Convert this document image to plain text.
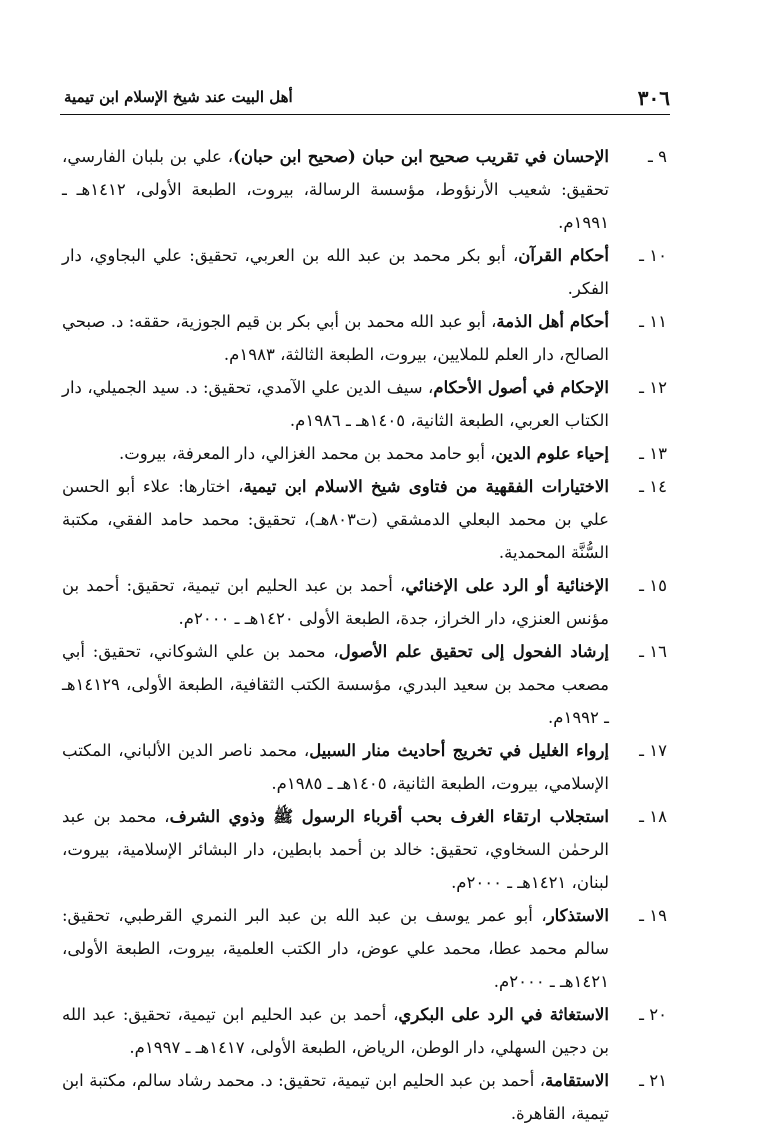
٣٠٦
أهل البيت عند شيخ الإسلام ابن تيمية
٩ ـ
الإحسان في تقريب صحيح ابن حبان (صحيح ابن حبان)، علي بن بلبان الفارسي، تحقيق: شعيب الأرنؤوط، مؤسسة الرسالة، بيروت، الطبعة الأولى، ١٤١٢هـ ـ ١٩٩١م.
١٠ ـ
أحكام القرآن، أبو بكر محمد بن عبد الله بن العربي، تحقيق: علي البجاوي، دار الفكر.
١١ ـ
أحكام أهل الذمة، أبو عبد الله محمد بن أبي بكر بن قيم الجوزية، حققه: د. صبحي الصالح، دار العلم للملايين، بيروت، الطبعة الثالثة، ١٩٨٣م.
١٢ ـ
الإحكام في أصول الأحكام، سيف الدين علي الآمدي، تحقيق: د. سيد الجميلي، دار الكتاب العربي، الطبعة الثانية، ١٤٠٥هـ ـ ١٩٨٦م.
١٣ ـ
إحياء علوم الدين، أبو حامد محمد بن محمد الغزالي، دار المعرفة، بيروت.
١٤ ـ
الاختيارات الفقهية من فتاوى شيخ الاسلام ابن تيمية، اختارها: علاء أبو الحسن علي بن محمد البعلي الدمشقي (ت٨٠٣هـ)، تحقيق: محمد حامد الفقي، مكتبة السُّنَّة المحمدية.
١٥ ـ
الإخنائية أو الرد على الإخنائي، أحمد بن عبد الحليم ابن تيمية، تحقيق: أحمد بن مؤنس العنزي، دار الخراز، جدة، الطبعة الأولى ١٤٢٠هـ ـ ٢٠٠٠م.
١٦ ـ
إرشاد الفحول إلى تحقيق علم الأصول، محمد بن علي الشوكاني، تحقيق: أبي مصعب محمد بن سعيد البدري، مؤسسة الكتب الثقافية، الطبعة الأولى، ١٤١٢٩هـ ـ ١٩٩٢م.
١٧ ـ
إرواء الغليل في تخريج أحاديث منار السبيل، محمد ناصر الدين الألباني، المكتب الإسلامي، بيروت، الطبعة الثانية، ١٤٠٥هـ ـ ١٩٨٥م.
١٨ ـ
استجلاب ارتقاء الغرف بحب أقرباء الرسول ﷺ وذوي الشرف، محمد بن عبد الرحمٰن السخاوي، تحقيق: خالد بن أحمد بابطين، دار البشائر الإسلامية، بيروت، لبنان، ١٤٢١هـ ـ ٢٠٠٠م.
١٩ ـ
الاستذكار، أبو عمر يوسف بن عبد الله بن عبد البر النمري القرطبي، تحقيق: سالم محمد عطا، محمد علي عوض، دار الكتب العلمية، بيروت، الطبعة الأولى، ١٤٢١هـ ـ ٢٠٠٠م.
٢٠ ـ
الاستغاثة في الرد على البكري، أحمد بن عبد الحليم ابن تيمية، تحقيق: عبد الله بن دجين السهلي، دار الوطن، الرياض، الطبعة الأولى، ١٤١٧هـ ـ ١٩٩٧م.
٢١ ـ
الاستقامة، أحمد بن عبد الحليم ابن تيمية، تحقيق: د. محمد رشاد سالم، مكتبة ابن تيمية، القاهرة.
